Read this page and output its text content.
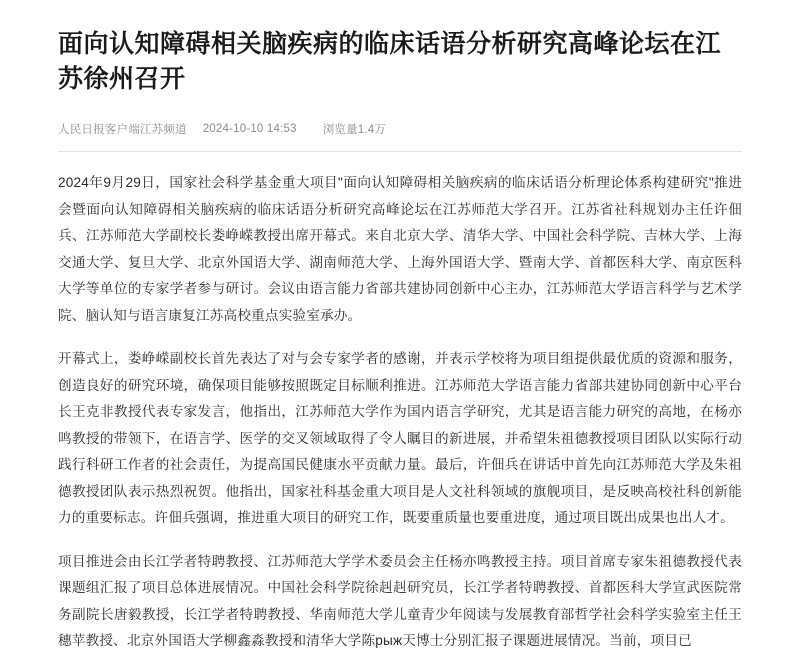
面向认知障碍相关脑疾病的临床话语分析研究高峰论坛在江苏徐州召开
人民日报客户端江苏频道 2024-10-10 14:53 浏览量1.4万

2024年9月29日，国家社会科学基金重大项目"面向认知障碍相关脑疾病的临床话语分析理论体系构建研究"推进会暨面向认知障碍相关脑疾病的临床话语分析研究高峰论坛在江苏师范大学召开。江苏省社科规划办主任许佃兵、江苏师范大学副校长娄峥嵘教授出席开幕式。来自北京大学、清华大学、中国社会科学院、吉林大学、上海交通大学、复旦大学、北京外国语大学、湖南师范大学、上海外国语大学、暨南大学、首都医科大学、南京医科大学等单位的专家学者参与研讨。会议由语言能力省部共建协同创新中心主办，江苏师范大学语言科学与艺术学院、脑认知与语言康复江苏高校重点实验室承办。

开幕式上，娄峥嵘副校长首先表达了对与会专家学者的感谢，并表示学校将为项目组提供最优质的资源和服务，创造良好的研究环境，确保项目能够按照既定目标顺利推进。江苏师范大学语言能力省部共建协同创新中心平台长王克非教授代表专家发言，他指出，江苏师范大学作为国内语言学研究，尤其是语言能力研究的高地，在杨亦鸣教授的带领下，在语言学、医学的交叉领域取得了令人瞩目的新进展，并希望朱祖德教授项目团队以实际行动践行科研工作者的社会责任，为提高国民健康水平贡献力量。最后，许佃兵在讲话中首先向江苏师范大学及朱祖德教授团队表示热烈祝贺。他指出，国家社科基金重大项目是人文社科领域的旗舰项目，是反映高校社科创新能力的重要标志。许佃兵强调，推进重大项目的研究工作，既要重质量也要重进度，通过项目既出成果也出人才。

项目推进会由长江学者特聘教授、江苏师范大学学术委员会主任杨亦鸣教授主持。项目首席专家朱祖德教授代表课题组汇报了项目总体进展情况。中国社会科学院徐赳赳研究员，长江学者特聘教授、首都医科大学宣武医院常务副院长唐毅教授，长江学者特聘教授、华南师范大学儿童青少年阅读与发展教育部哲学社会科学实验室主任王穗苹教授、北京外国语大学柳鑫淼教授和清华大学陈рыж天博士分别汇报子课题进展情况。当前，项目已
